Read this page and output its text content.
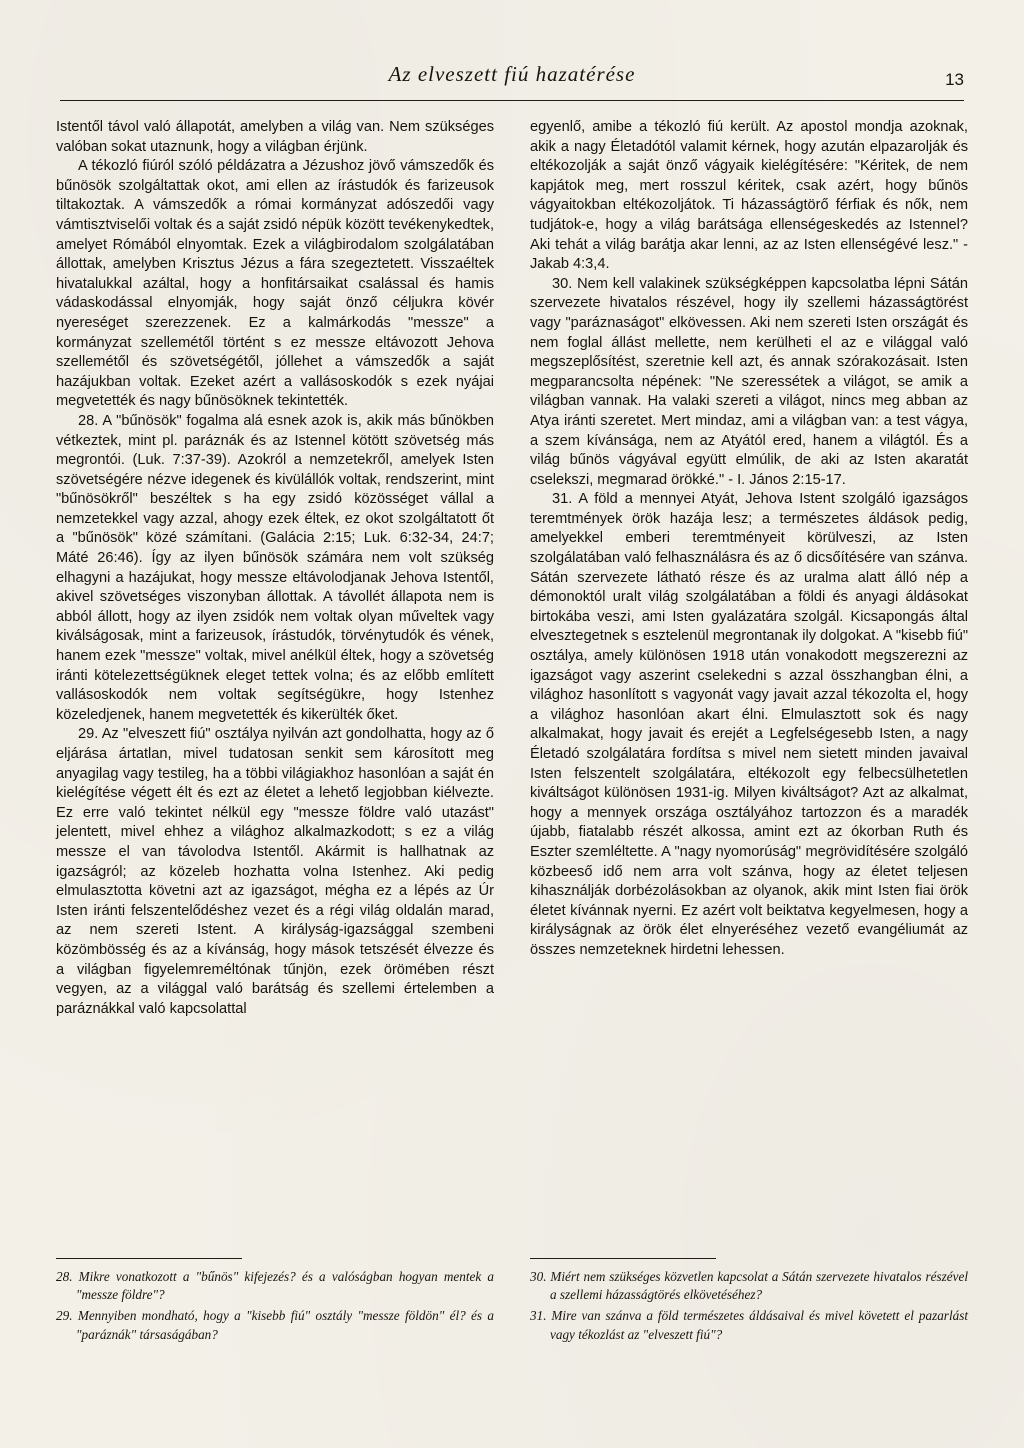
Az elveszett fiú hazatérése	13

Istentől távol való állapotát, amelyben a világ van. Nem szükséges valóban sokat utaznunk, hogy a világban érjünk.

A tékozló fiúról szóló példázatra a Jézushoz jövő vámszedők és bűnösök szolgáltattak okot, ami ellen az írástudók és farizeusok tiltakoztak. A vámszedők a római kormányzat adószedői vagy vámtisztviselői voltak és a saját zsidó népük között tevékenykedtek, amelyet Rómából elnyomtak. Ezek a világbirodalom szolgálatában állottak, amelyben Krisztus Jézus a fára szegeztetett. Visszaéltek hivatalukkal azáltal, hogy a honfitársaikat csalással és hamis vádaskodással elnyomják, hogy saját önző céljukra kövér nyereséget szerezzenek. Ez a kalmárkodás "messze" a kormányzat szellemétől történt s ez messze eltávozott Jehova szellemétől és szövetségétől, jóllehet a vámszedők a saját hazájukban voltak. Ezeket azért a vallásoskodók s ezek nyájai megvetették és nagy bűnösöknek tekintették.

28. A "bűnösök" fogalma alá esnek azok is, akik más bűnökben vétkeztek, mint pl. paráznák és az Istennel kötött szövetség más megrontói. (Luk. 7:37-39). Azokról a nemzetekről, amelyek Isten szövetségére nézve idegenek és kivülállók voltak, rendszerint, mint "bűnösökről" beszéltek s ha egy zsidó közösséget vállal a nemzetekkel vagy azzal, ahogy ezek éltek, ez okot szolgáltatott őt a "bűnösök" közé számítani. (Galácia 2:15; Luk. 6:32-34, 24:7; Máté 26:46). Így az ilyen bűnösök számára nem volt szükség elhagyni a hazájukat, hogy messze eltávolodjanak Jehova Istentől, akivel szövetséges viszonyban állottak. A távollét állapota nem is abból állott, hogy az ilyen zsidók nem voltak olyan műveltek vagy kiválságosak, mint a farizeusok, írástudók, törvénytudók és vének, hanem ezek "messze" voltak, mivel anélkül éltek, hogy a szövetség iránti kötelezettségüknek eleget tettek volna; és az előbb említett vallásoskodók nem voltak segítségükre, hogy Istenhez közeledjenek, hanem megvetették és kikerülték őket.

29. Az "elveszett fiú" osztálya nyilván azt gondolhatta, hogy az ő eljárása ártatlan, mivel tudatosan senkit sem károsított meg anyagilag vagy testileg, ha a többi világiakhoz hasonlóan a saját én kielégítése végett élt és ezt az életet a lehető legjobban kiélvezte. Ez erre való tekintet nélkül egy "messze földre való utazást" jelentett, mivel ehhez a világhoz alkalmazkodott; s ez a világ messze el van távolodva Istentől. Akármit is hallhatnak az igazságról; az közeleb hozhatta volna Istenhez. Aki pedig elmulasztotta követni azt az igazságot, mégha ez a lépés az Úr Isten iránti felszentelődéshez vezet és a régi világ oldalán marad, az nem szereti Istent. A királyság-igazsággal szembeni közömbösség és az a kívánság, hogy mások tetszését élvezze és a világban figyelemreméltónak tűnjön, ezek örömében részt vegyen, az a világgal való barátság és szellemi értelemben a paráznákkal való kapcsolattal

egyenlő, amibe a tékozló fiú került. Az apostol mondja azoknak, akik a nagy Életadótól valamit kérnek, hogy azután elpazarolják és eltékozolják a saját önző vágyaik kielégítésére: "Kéritek, de nem kapjátok meg, mert rosszul kéritek, csak azért, hogy bűnös vágyaitokban eltékozoljátok. Ti házasságtörő férfiak és nők, nem tudjátok-e, hogy a világ barátsága ellenségeskedés az Istennel? Aki tehát a világ barátja akar lenni, az az Isten ellenségévé lesz." - Jakab 4:3,4.

30. Nem kell valakinek szükségképpen kapcsolatba lépni Sátán szervezete hivatalos részével, hogy ily szellemi házasságtörést vagy "paráznaságot" elkövessen. Aki nem szereti Isten országát és nem foglal állást mellette, nem kerülheti el az e világgal való megszeplősítést, szeretnie kell azt, és annak szórakozásait. Isten megparancsolta népének: "Ne szeressétek a világot, se amik a világban vannak. Ha valaki szereti a világot, nincs meg abban az Atya iránti szeretet. Mert mindaz, ami a világban van: a test vágya, a szem kívánsága, nem az Atyától ered, hanem a világtól. És a világ bűnös vágyával együtt elmúlik, de aki az Isten akaratát cselekszi, megmarad örökké." - I. János 2:15-17.

31. A föld a mennyei Atyát, Jehova Istent szolgáló igazságos teremtmények örök hazája lesz; a természetes áldások pedig, amelyekkel emberi teremtményeit körülveszi, az Isten szolgálatában való felhasználásra és az ő dicsőítésére van szánva. Sátán szervezete látható része és az uralma alatt álló nép a démonoktól uralt világ szolgálatában a földi és anyagi áldásokat birtokába veszi, ami Isten gyalázatára szolgál. Kicsapongás által elvesztegetnek s esztelenül megrontanak ily dolgokat. A "kisebb fiú" osztálya, amely különösen 1918 után vonakodott megszerezni az igazságot vagy aszerint cselekedni s azzal összhangban élni, a világhoz hasonlított s vagyonát vagy javait azzal tékozolta el, hogy a világhoz hasonlóan akart élni. Elmulasztott sok és nagy alkalmakat, hogy javait és erejét a Legfelségesebb Isten, a nagy Életadó szolgálatára fordítsa s mivel nem sietett minden javaival Isten felszentelt szolgálatára, eltékozolt egy felbecsülhetetlen kiváltságot különösen 1931-ig. Milyen kiváltságot? Azt az alkalmat, hogy a mennyek országa osztályához tartozzon és a maradék újabb, fiatalabb részét alkossa, amint ezt az ókorban Ruth és Eszter szemléltette. A "nagy nyomorúság" megrövidítésére szolgáló közbeeső idő nem arra volt szánva, hogy az életet teljesen kihasználják dorbézolásokban az olyanok, akik mint Isten fiai örök életet kívánnak nyerni. Ez azért volt beiktatva kegyelmesen, hogy a királyságnak az örök élet elnyeréséhez vezető evangéliumát az összes nemzeteknek hirdetni lehessen.

28. Mikre vonatkozott a "bűnös" kifejezés? és a valóságban hogyan mentek a "messze földre"?

29. Mennyiben mondható, hogy a "kisebb fiú" osztály "messze földön" él? és a "paráznák" társaságában?

30. Miért nem szükséges közvetlen kapcsolat a Sátán szervezete hivatalos részével a szellemi házasságtörés elkövetéséhez?

31. Mire van szánva a föld természetes áldásaival és mivel követett el pazarlást vagy tékozlást az "elveszett fiú"?
